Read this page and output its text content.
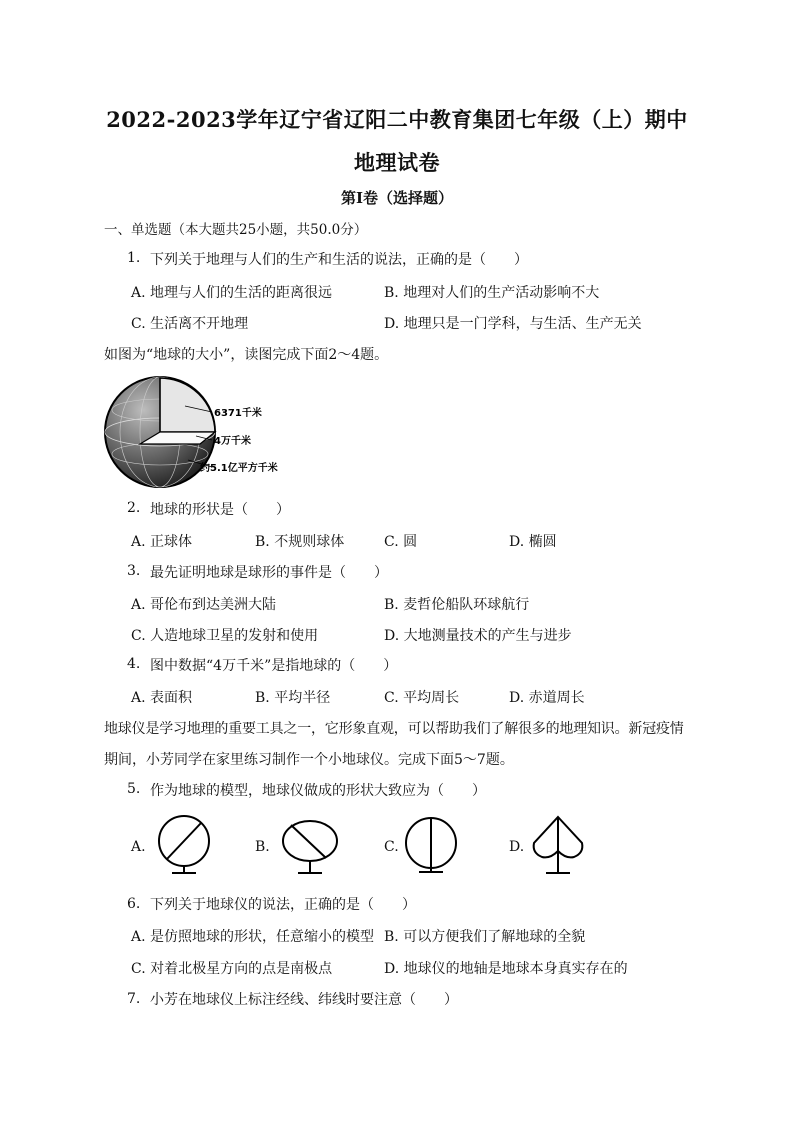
2022-2023学年辽宁省辽阳二中教育集团七年级（上）期中
地理试卷
第I卷（选择题）
一、单选题（本大题共25小题，共50.0分）
1. 下列关于地理与人们的生产和生活的说法，正确的是（　　）
A. 地理与人们的生活的距离很远	B. 地理对人们的生产活动影响不大
C. 生活离不开地理	D. 地理只是一门学科，与生活、生产无关
如图为“地球的大小”，读图完成下面2～4题。
6371千米
4万千米
约5.1亿平方千米
2. 地球的形状是（　　）
A. 正球体	B. 不规则球体	C. 圆	D. 椭圆
3. 最先证明地球是球形的事件是（　　）
A. 哥伦布到达美洲大陆	B. 麦哲伦船队环球航行
C. 人造地球卫星的发射和使用	D. 大地测量技术的产生与进步
4. 图中数据“4万千米”是指地球的（　　）
A. 表面积	B. 平均半径	C. 平均周长	D. 赤道周长
地球仪是学习地理的重要工具之一，它形象直观，可以帮助我们了解很多的地理知识。新冠疫情
期间，小芳同学在家里练习制作一个小地球仪。完成下面5～7题。
5. 作为地球的模型，地球仪做成的形状大致应为（　　）
A.	B.	C.	D.
6. 下列关于地球仪的说法，正确的是（　　）
A. 是仿照地球的形状，任意缩小的模型 B. 可以方便我们了解地球的全貌
C. 对着北极星方向的点是南极点	D. 地球仪的地轴是地球本身真实存在的
7. 小芳在地球仪上标注经线、纬线时要注意（　　）
